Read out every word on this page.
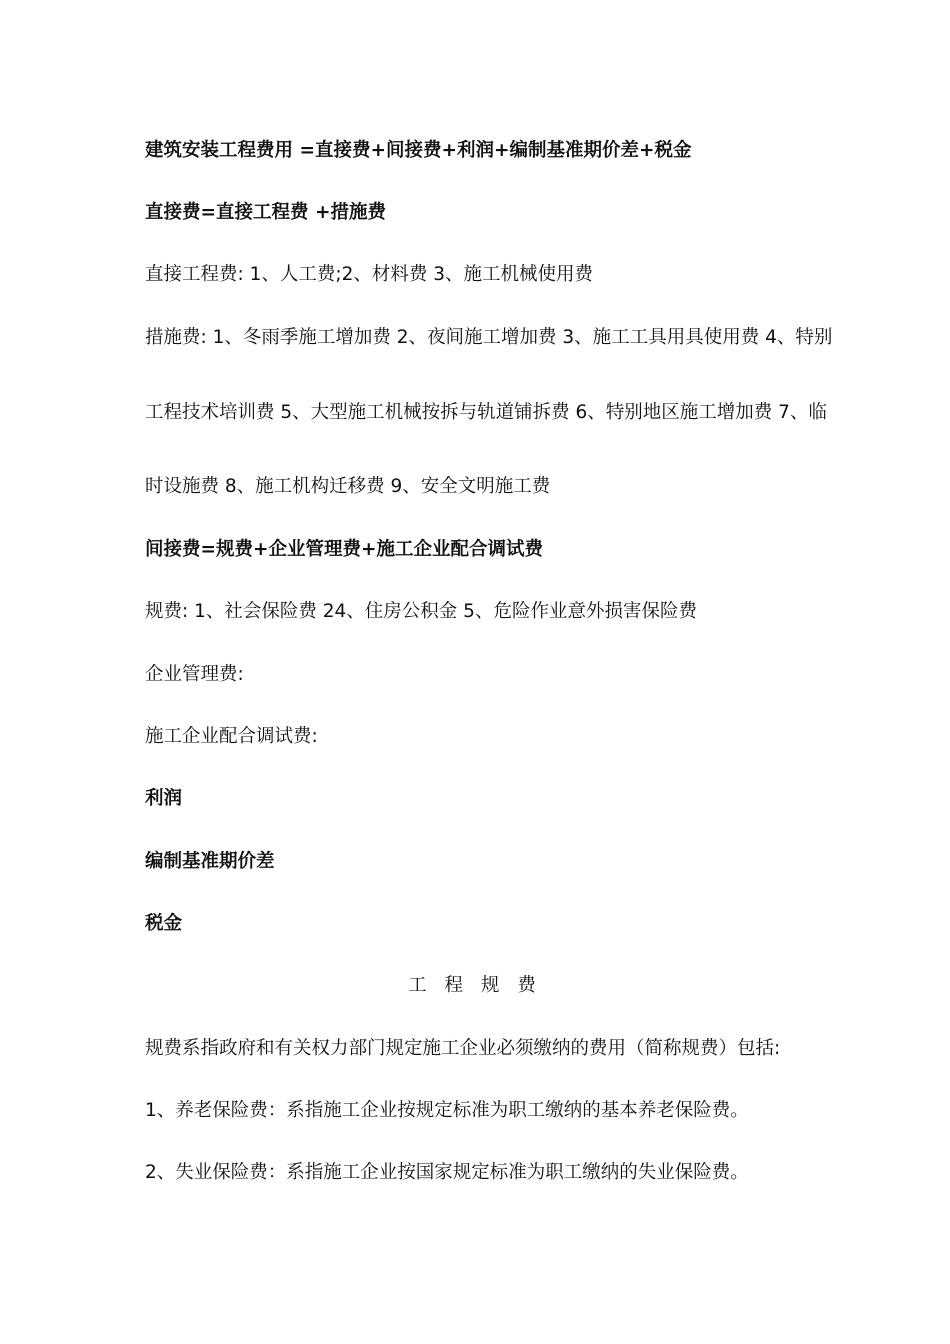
建筑安装工程费用 =直接费+间接费+利润+编制基准期价差+税金
直接费=直接工程费 +措施费
直接工程费: 1、人工费;2、材料费 3、施工机械使用费
措施费: 1、冬雨季施工增加费 2、夜间施工增加费 3、施工工具用具使用费 4、特别
工程技术培训费 5、大型施工机械按拆与轨道铺拆费 6、特别地区施工增加费 7、临
时设施费 8、施工机构迁移费 9、安全文明施工费
间接费=规费+企业管理费+施工企业配合调试费
规费: 1、社会保险费 24、住房公积金 5、危险作业意外损害保险费
企业管理费:
施工企业配合调试费:
利润
编制基准期价差
税金
工 程 规 费
规费系指政府和有关权力部门规定施工企业必须缴纳的费用（简称规费）包括:
1、养老保险费：系指施工企业按规定标准为职工缴纳的基本养老保险费。
2、失业保险费：系指施工企业按国家规定标准为职工缴纳的失业保险费。
